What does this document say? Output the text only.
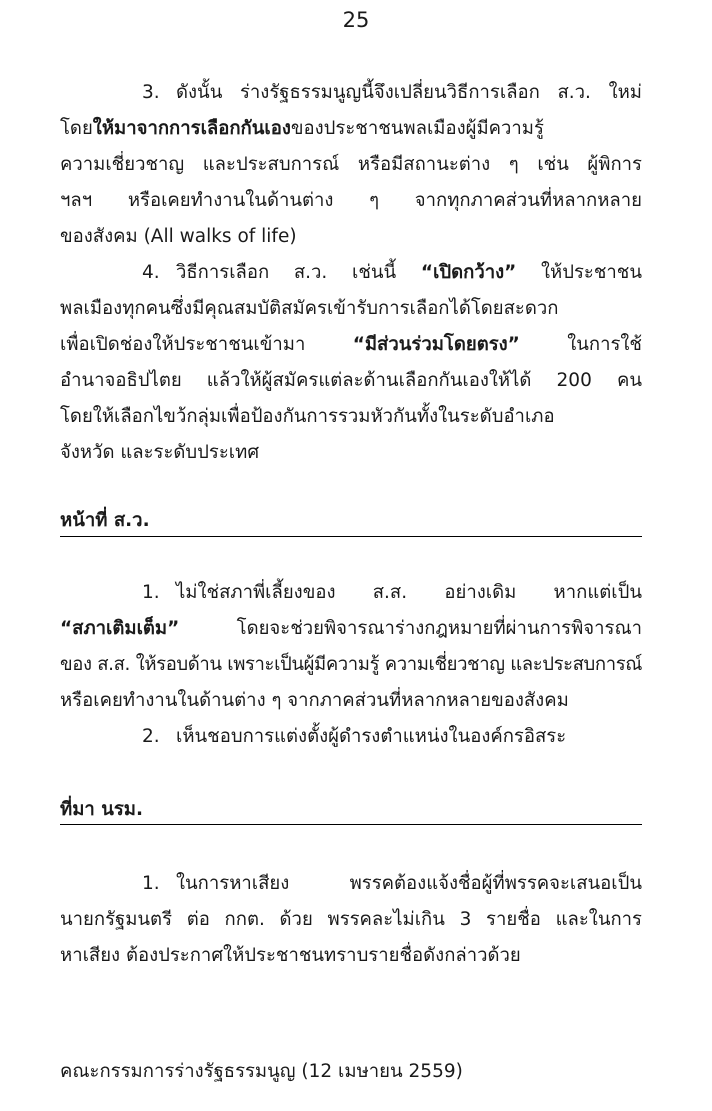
25
3. ดังนั้น ร่างรัฐธรรมนูญนี้จึงเปลี่ยนวิธีการเลือก ส.ว. ใหม่
โดยให้มาจากการเลือกกันเองของประชาชนพลเมืองผู้มีความรู้
ความเชี่ยวชาญ และประสบการณ์ หรือมีสถานะต่าง ๆ เช่น ผู้พิการ
ฯลฯ หรือเคยทำงานในด้านต่าง ๆ จากทุกภาคส่วนที่หลากหลาย
ของสังคม (All walks of life)
4. วิธีการเลือก ส.ว. เช่นนี้ “เปิดกว้าง” ให้ประชาชน
พลเมืองทุกคนซึ่งมีคุณสมบัติสมัครเข้ารับการเลือกได้โดยสะดวก
เพื่อเปิดช่องให้ประชาชนเข้ามา “มีส่วนร่วมโดยตรง” ในการใช้
อำนาจอธิปไตย แล้วให้ผู้สมัครแต่ละด้านเลือกกันเองให้ได้ 200 คน
โดยให้เลือกไขว้กลุ่มเพื่อป้องกันการรวมหัวกันทั้งในระดับอำเภอ
จังหวัด และระดับประเทศ
หน้าที่ ส.ว.
1. ไม่ใช่สภาพี่เลี้ยงของ ส.ส. อย่างเดิม หากแต่เป็น
“สภาเติมเต็ม” โดยจะช่วยพิจารณาร่างกฎหมายที่ผ่านการพิจารณา
ของ ส.ส. ให้รอบด้าน เพราะเป็นผู้มีความรู้ ความเชี่ยวชาญ และประสบการณ์
หรือเคยทำงานในด้านต่าง ๆ จากภาคส่วนที่หลากหลายของสังคม
2. เห็นชอบการแต่งตั้งผู้ดำรงตำแหน่งในองค์กรอิสระ
ที่มา นรม.
1. ในการหาเสียง พรรคต้องแจ้งชื่อผู้ที่พรรคจะเสนอเป็น
นายกรัฐมนตรี ต่อ กกต. ด้วย พรรคละไม่เกิน 3 รายชื่อ และในการ
หาเสียง ต้องประกาศให้ประชาชนทราบรายชื่อดังกล่าวด้วย
คณะกรรมการร่างรัฐธรรมนูญ (12 เมษายน 2559)
